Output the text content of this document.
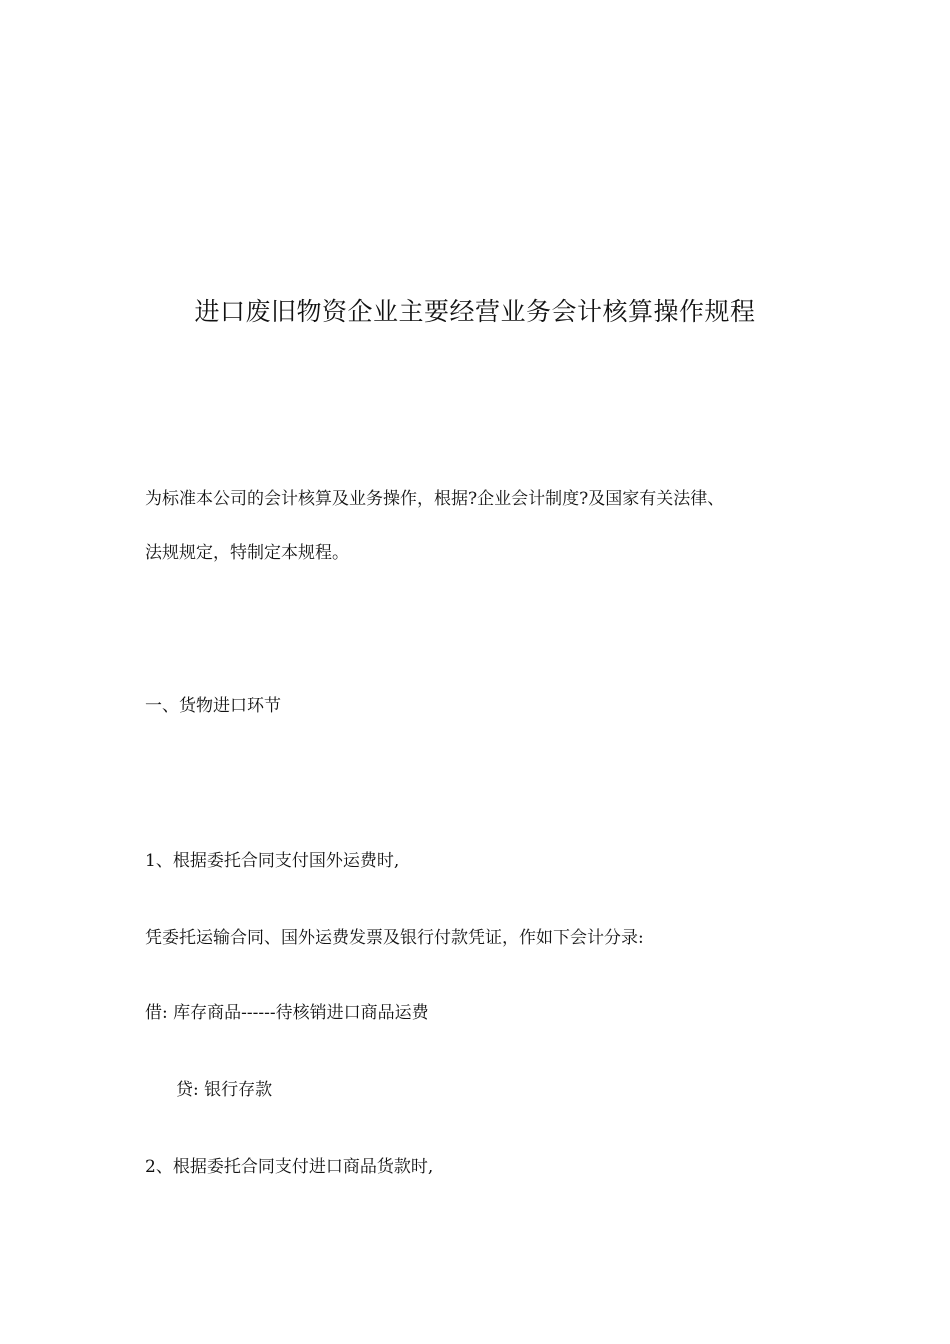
进口废旧物资企业主要经营业务会计核算操作规程

为标准本公司的会计核算及业务操作，根据?企业会计制度?及国家有关法律、

法规规定，特制定本规程。

一、货物进口环节

1、根据委托合同支付国外运费时,

凭委托运输合同、国外运费发票及银行付款凭证，作如下会计分录:

借: 库存商品------待核销进口商品运费

贷: 银行存款

2、根据委托合同支付进口商品货款时,
